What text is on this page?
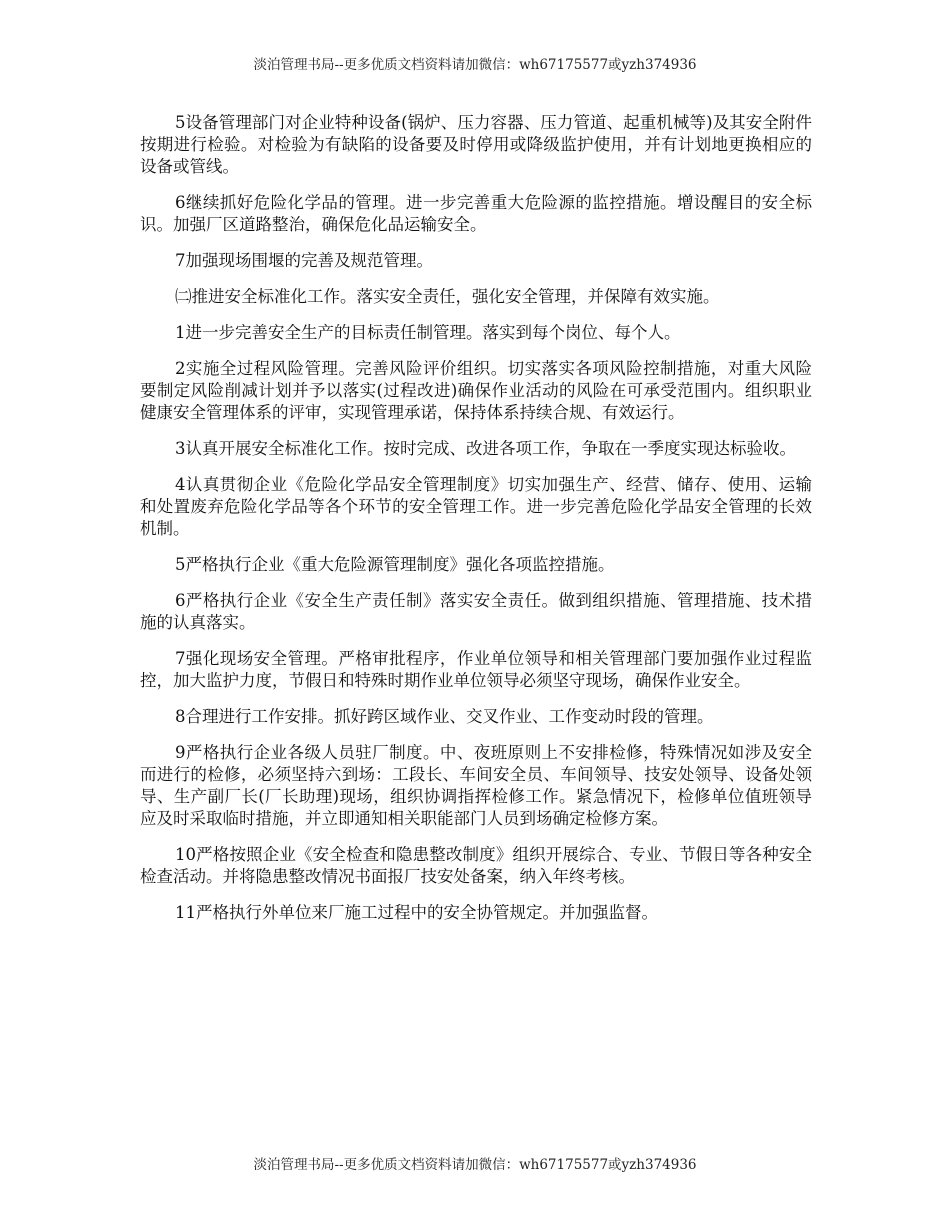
淡泊管理书局--更多优质文档资料请加微信：wh67175577或yzh374936

5设备管理部门对企业特种设备(锅炉、压力容器、压力管道、起重机械等)及其安全附件按期进行检验。对检验为有缺陷的设备要及时停用或降级监护使用，并有计划地更换相应的设备或管线。

6继续抓好危险化学品的管理。进一步完善重大危险源的监控措施。增设醒目的安全标识。加强厂区道路整治，确保危化品运输安全。

7加强现场围堰的完善及规范管理。

㈡推进安全标准化工作。落实安全责任，强化安全管理，并保障有效实施。

1进一步完善安全生产的目标责任制管理。落实到每个岗位、每个人。

2实施全过程风险管理。完善风险评价组织。切实落实各项风险控制措施，对重大风险要制定风险削减计划并予以落实(过程改进)确保作业活动的风险在可承受范围内。组织职业健康安全管理体系的评审，实现管理承诺，保持体系持续合规、有效运行。

3认真开展安全标准化工作。按时完成、改进各项工作，争取在一季度实现达标验收。

4认真贯彻企业《危险化学品安全管理制度》切实加强生产、经营、储存、使用、运输和处置废弃危险化学品等各个环节的安全管理工作。进一步完善危险化学品安全管理的长效机制。

5严格执行企业《重大危险源管理制度》强化各项监控措施。

6严格执行企业《安全生产责任制》落实安全责任。做到组织措施、管理措施、技术措施的认真落实。

7强化现场安全管理。严格审批程序，作业单位领导和相关管理部门要加强作业过程监控，加大监护力度，节假日和特殊时期作业单位领导必须坚守现场，确保作业安全。

8合理进行工作安排。抓好跨区域作业、交叉作业、工作变动时段的管理。

9严格执行企业各级人员驻厂制度。中、夜班原则上不安排检修，特殊情况如涉及安全而进行的检修，必须坚持六到场：工段长、车间安全员、车间领导、技安处领导、设备处领导、生产副厂长(厂长助理)现场，组织协调指挥检修工作。紧急情况下，检修单位值班领导应及时采取临时措施，并立即通知相关职能部门人员到场确定检修方案。

10严格按照企业《安全检查和隐患整改制度》组织开展综合、专业、节假日等各种安全检查活动。并将隐患整改情况书面报厂技安处备案，纳入年终考核。

11严格执行外单位来厂施工过程中的安全协管规定。并加强监督。

淡泊管理书局--更多优质文档资料请加微信：wh67175577或yzh374936
